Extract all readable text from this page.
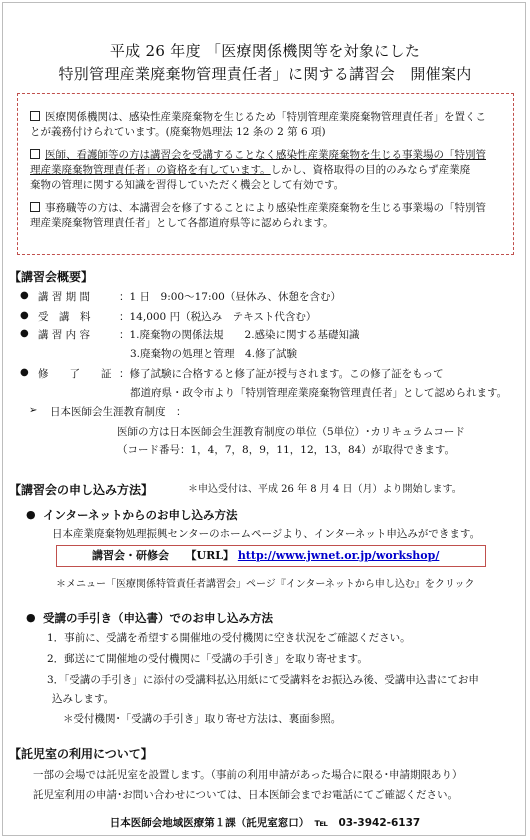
平成 26 年度 「医療関係機関等を対象にした
特別管理産業廃棄物管理責任者」に関する講習会　開催案内
医療関係機関は、感染性産業廃棄物を生じるため「特別管理産業廃棄物管理責任者」を置くこ
とが義務付けられています。(廃棄物処理法 12 条の 2 第 6 項)
医師、看護師等の方は講習会を受講することなく感染性産業廃棄物を生じる事業場の「特別管
理産業廃棄物管理責任者」の資格を有しています。しかし、資格取得の目的のみならず産業廃
棄物の管理に関する知識を習得していただく機会として有効です。
事務職等の方は、本講習会を修了することにより感染性産業廃棄物を生じる事業場の「特別管
理産業廃棄物管理責任者」として各都道府県等に認められます。
【講習会概要】
● 講 習 期 間	：1 日　9:00～17:00（昼休み、休憩を含む）
● 受　講　料	：14,000 円（税込み　テキスト代含む）
● 講 習 内 容	：1.廃棄物の関係法規　　2.感染に関する基礎知識
3.廃棄物の処理と管理　4.修了試験
● 修　　了　　証 ：修了試験に合格すると修了証が授与されます。この修了証をもって
都道府県・政令市より「特別管理産業廃棄物管理責任者」として認められます。
➢ 日本医師会生涯教育制度　：
医師の方は日本医師会生涯教育制度の単位（5単位）･カリキュラムコード
（コード番号：1，4，7，8，9，11，12，13，84）が取得できます。
【講習会の申し込み方法】	＊申込受付は、平成 26 年 8 月 4 日（月）より開始します。
● インターネットからのお申し込み方法
日本産業廃棄物処理振興センターのホームページより、インターネット申込みができます。
講習会・研修会　　【URL】 http://www.jwnet.or.jp/workshop/
＊メニュー「医療関係特管責任者講習会」ページ『インターネットから申し込む』をクリック
● 受講の手引き（申込書）でのお申し込み方法
1．事前に、受講を希望する開催地の受付機関に空き状況をご確認ください。
2．郵送にて開催地の受付機関に「受講の手引き」を取り寄せます。
3．「受講の手引き」に添付の受講料払込用紙にて受講料をお振込み後、受講申込書にてお申
込みします。
＊受付機関･「受講の手引き」取り寄せ方法は、裏面参照。
【託児室の利用について】
一部の会場では託児室を設置します。（事前の利用申請があった場合に限る･申請期限あり）
託児室利用の申請･お問い合わせについては、日本医師会までお電話にてご確認ください。
日本医師会地域医療第１課（託児室窓口）　℡　03-3942-6137
